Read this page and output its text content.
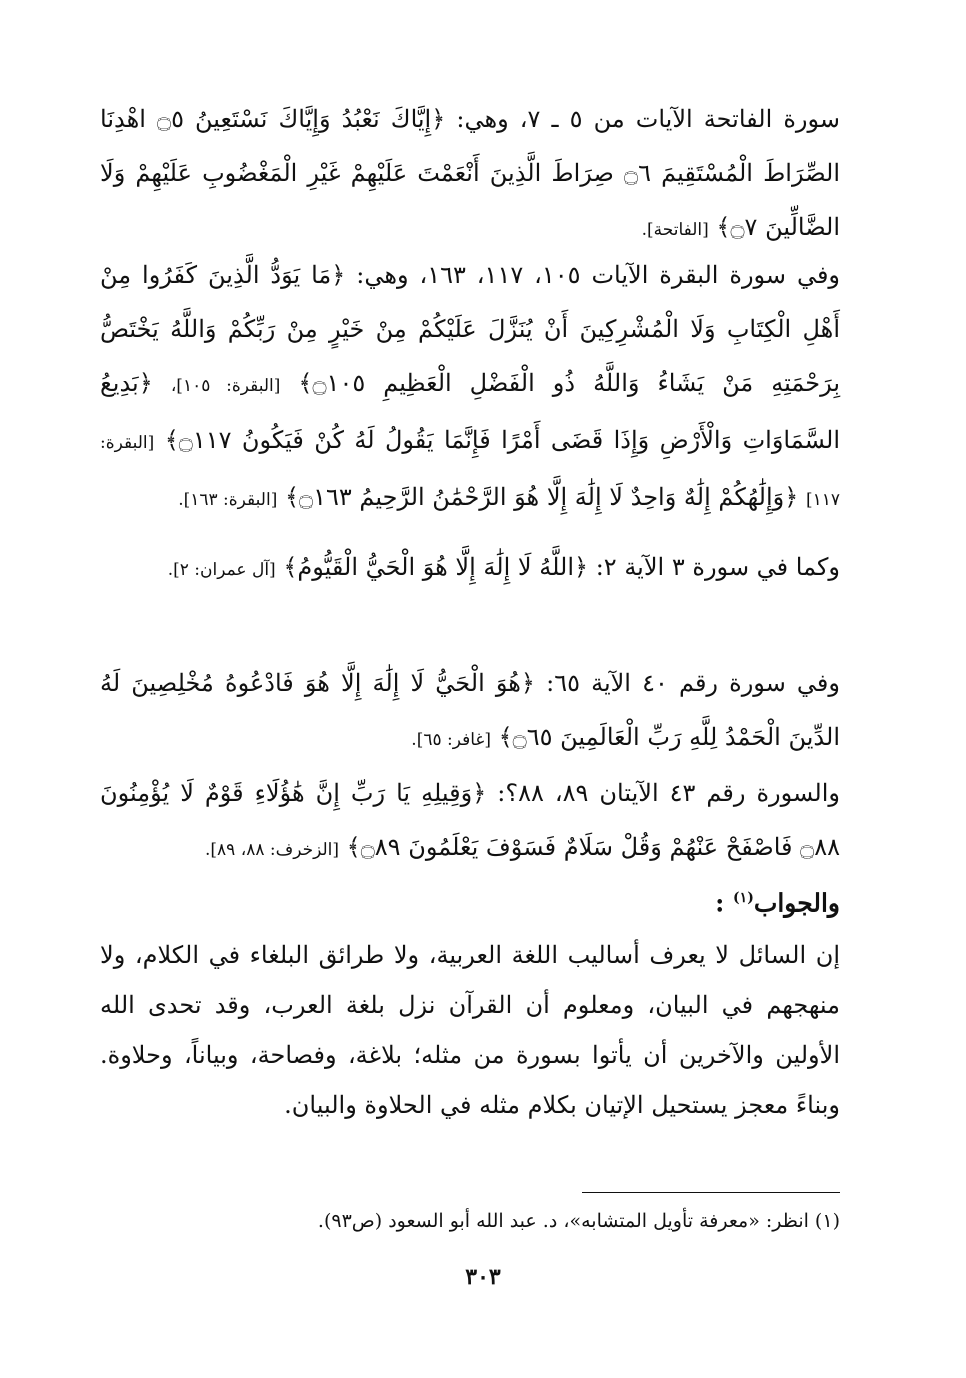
سورة الفاتحة الآيات من ٥ ـ ٧، وهي: ﴿إِيَّاكَ نَعْبُدُ وَإِيَّاكَ نَسْتَعِينُ ۝٥ اهْدِنَا الصِّرَاطَ الْمُسْتَقِيمَ ۝٦ صِرَاطَ الَّذِينَ أَنْعَمْتَ عَلَيْهِمْ غَيْرِ الْمَغْضُوبِ عَلَيْهِمْ وَلَا الضَّالِّينَ ۝٧﴾ [الفاتحة].

وفي سورة البقرة الآيات ١٠٥، ١١٧، ١٦٣، وهي: ﴿مَا يَوَدُّ الَّذِينَ كَفَرُوا مِنْ أَهْلِ الْكِتَابِ وَلَا الْمُشْرِكِينَ أَنْ يُنَزَّلَ عَلَيْكُمْ مِنْ خَيْرٍ مِنْ رَبِّكُمْ وَاللَّهُ يَخْتَصُّ بِرَحْمَتِهِ مَنْ يَشَاءُ وَاللَّهُ ذُو الْفَضْلِ الْعَظِيمِ ۝١٠٥﴾ [البقرة: ١٠٥]، ﴿بَدِيعُ السَّمَاوَاتِ وَالْأَرْضِ وَإِذَا قَضَى أَمْرًا فَإِنَّمَا يَقُولُ لَهُ كُنْ فَيَكُونُ ۝١١٧﴾ [البقرة: ١١٧] ﴿وَإِلَٰهُكُمْ إِلَٰهٌ وَاحِدٌ لَا إِلَٰهَ إِلَّا هُوَ الرَّحْمَٰنُ الرَّحِيمُ ۝١٦٣﴾ [البقرة: ١٦٣].

وكما في سورة ٣ الآية ٢: ﴿اللَّهُ لَا إِلَٰهَ إِلَّا هُوَ الْحَيُّ الْقَيُّومُ﴾ [آل عمران: ٢].

وفي سورة رقم ٤٠ الآية ٦٥: ﴿هُوَ الْحَيُّ لَا إِلَٰهَ إِلَّا هُوَ فَادْعُوهُ مُخْلِصِينَ لَهُ الدِّينَ الْحَمْدُ لِلَّهِ رَبِّ الْعَالَمِينَ ۝٦٥﴾ [غافر: ٦٥].

والسورة رقم ٤٣ الآيتان ٨٩، ٨٨؟: ﴿وَقِيلِهِ يَا رَبِّ إِنَّ هَٰؤُلَاءِ قَوْمٌ لَا يُؤْمِنُونَ ۝٨٨ فَاصْفَحْ عَنْهُمْ وَقُلْ سَلَامٌ فَسَوْفَ يَعْلَمُونَ ۝٨٩﴾ [الزخرف: ٨٨، ٨٩].

والجواب$^{(١)}$ :

إن السائل لا يعرف أساليب اللغة العربية، ولا طرائق البلغاء في الكلام، ولا منهجهم في البيان، ومعلوم أن القرآن نزل بلغة العرب، وقد تحدى الله الأولين والآخرين أن يأتوا بسورة من مثله؛ بلاغة، وفصاحة، وبياناً، وحلاوة. وبناءً معجز يستحيل الإتيان بكلام مثله في الحلاوة والبيان.

(١) انظر: «معرفة تأويل المتشابه»، د. عبد الله أبو السعود (ص٩٣).
٣٠٣
